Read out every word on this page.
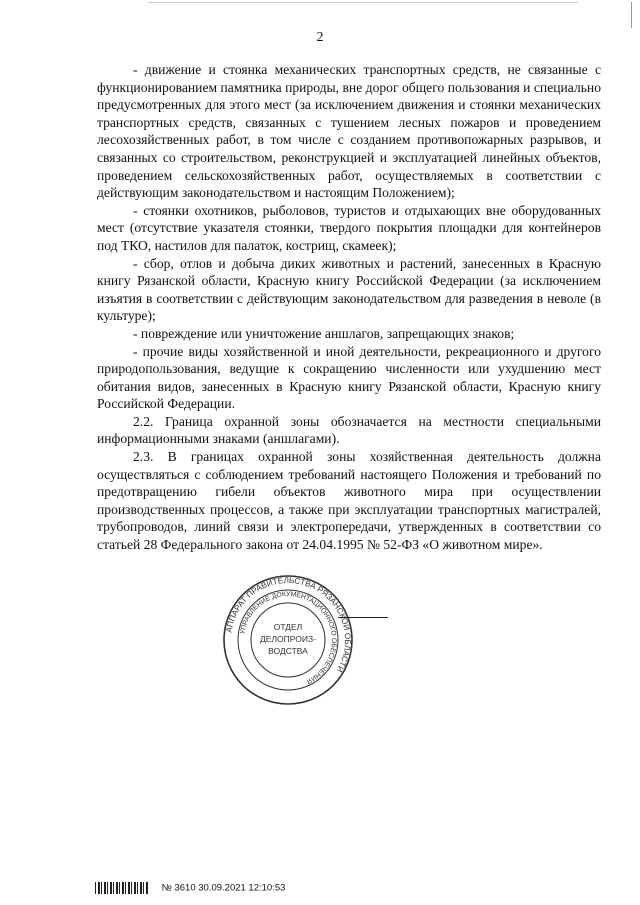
2

- движение и стоянка механических транспортных средств, не связанные с функционированием памятника природы, вне дорог общего пользования и специально предусмотренных для этого мест (за исключением движения и стоянки механических транспортных средств, связанных с тушением лесных пожаров и проведением лесохозяйственных работ, в том числе с созданием противопожарных разрывов, и связанных со строительством, реконструкцией и эксплуатацией линейных объектов, проведением сельскохозяйственных работ, осуществляемых в соответствии с действующим законодательством и настоящим Положением);

- стоянки охотников, рыболовов, туристов и отдыхающих вне оборудованных мест (отсутствие указателя стоянки, твердого покрытия площадки для контейнеров под ТКО, настилов для палаток, кострищ, скамеек);

- сбор, отлов и добыча диких животных и растений, занесенных в Красную книгу Рязанской области, Красную книгу Российской Федерации (за исключением изъятия в соответствии с действующим законодательством для разведения в неволе (в культуре);

- повреждение или уничтожение аншлагов, запрещающих знаков;

- прочие виды хозяйственной и иной деятельности, рекреационного и другого природопользования, ведущие к сокращению численности или ухудшению мест обитания видов, занесенных в Красную книгу Рязанской области, Красную книгу Российской Федерации.

2.2. Граница охранной зоны обозначается на местности специальными информационными знаками (аншлагами).

2.3. В границах охранной зоны хозяйственная деятельность должна осуществляться с соблюдением требований настоящего Положения и требований по предотвращению гибели объектов животного мира при осуществлении производственных процессов, а также при эксплуатации транспортных магистралей, трубопроводов, линий связи и электропередачи, утвержденных в соответствии со статьей 28 Федерального закона от 24.04.1995 № 52-ФЗ «О животном мире».

АППАРАТ ПРАВИТЕЛЬСТВА РЯЗАНСКОЙ ОБЛАСТИ
УПРАВЛЕНИЕ ДОКУМЕНТАЦИОННОГО ОБЕСПЕЧЕНИЯ
ОТДЕЛ
ДЕЛОПРОИЗ-
ВОДСТВА
№ 3610 30.09.2021 12:10:53
